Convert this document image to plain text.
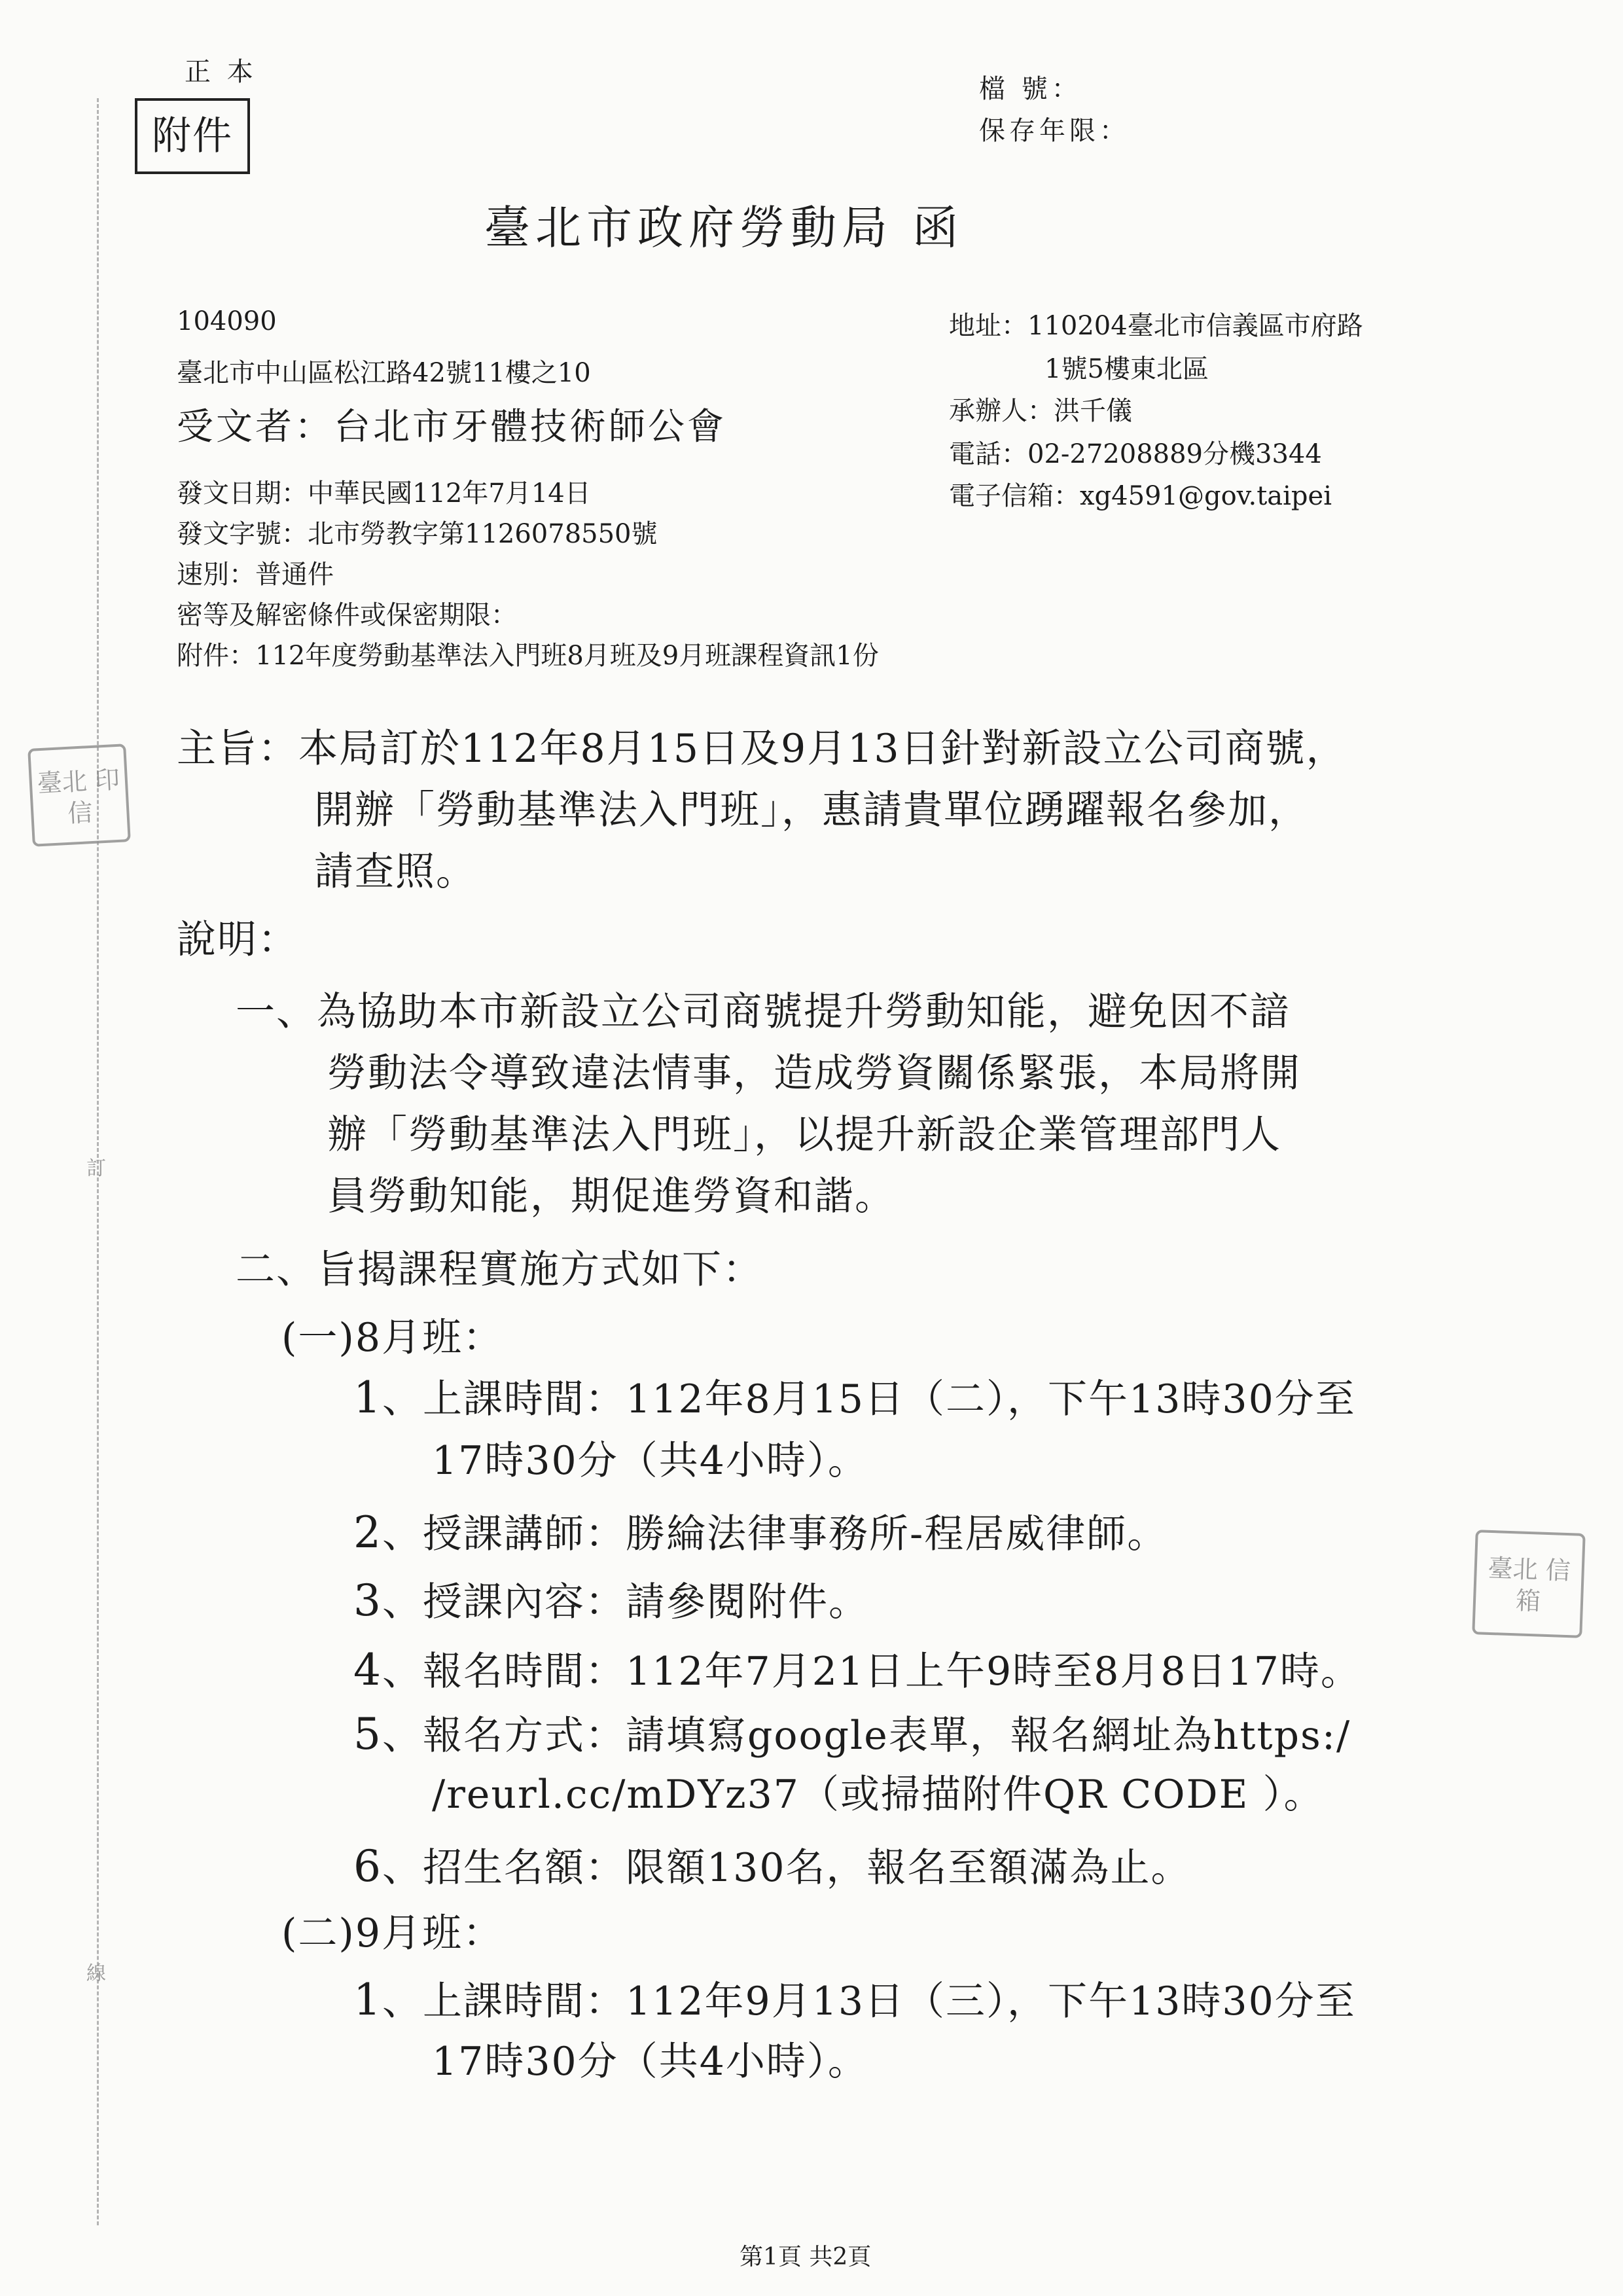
訂
線
正 本
附件
檔 號：
保存年限：
臺北市政府勞動局 函
104090
臺北市中山區松江路42號11樓之10
受文者：台北市牙體技術師公會
地址：110204臺北市信義區市府路
1號5樓東北區
承辦人：洪千儀
電話：02-27208889分機3344
電子信箱：xg4591@gov.taipei
發文日期：中華民國112年7月14日
發文字號：北市勞教字第1126078550號
速別：普通件
密等及解密條件或保密期限：
附件：112年度勞動基準法入門班8月班及9月班課程資訊1份
主旨：本局訂於112年8月15日及9月13日針對新設立公司商號，
開辦「勞動基準法入門班」，惠請貴單位踴躍報名參加，
請查照。
說明：
一、為協助本市新設立公司商號提升勞動知能，避免因不諳
勞動法令導致違法情事，造成勞資關係緊張，本局將開
辦「勞動基準法入門班」，以提升新設企業管理部門人
員勞動知能，期促進勞資和諧。
二、旨揭課程實施方式如下：
(一)8月班：
1、上課時間：112年8月15日（二），下午13時30分至
17時30分（共4小時）。
2、授課講師：勝綸法律事務所-程居威律師。
3、授課內容：請參閱附件。
4、報名時間：112年7月21日上午9時至8月8日17時。
5、報名方式：請填寫google表單，報名網址為https:/
/reurl.cc/mDYz37（或掃描附件QR CODE ）。
6、招生名額：限額130名，報名至額滿為止。
(二)9月班：
1、上課時間：112年9月13日（三），下午13時30分至
17時30分（共4小時）。
臺北 印信
臺北 信箱
第1頁 共2頁
